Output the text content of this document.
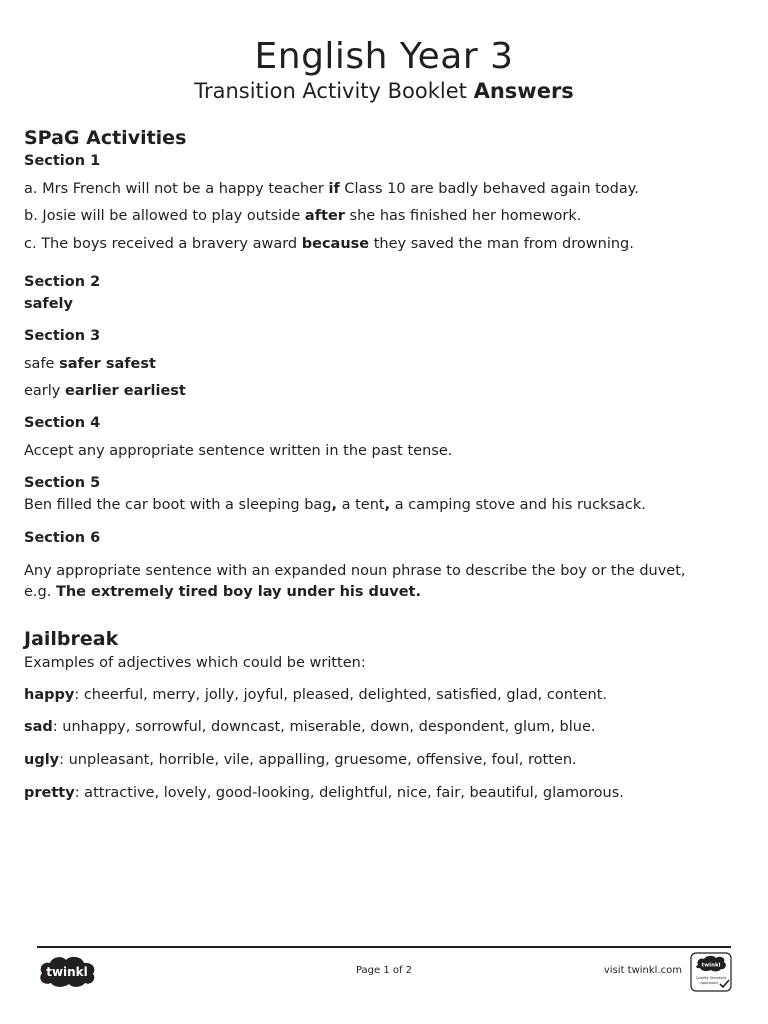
English Year 3
Transition Activity Booklet Answers
SPaG Activities
Section 1

a. Mrs French will not be a happy teacher if Class 10 are badly behaved again today.

b. Josie will be allowed to play outside after she has finished her homework.

c. The boys received a bravery award because they saved the man from drowning.

Section 2
safely
Section 3

safe safer safest

early earlier earliest

Section 4

Accept any appropriate sentence written in the past tense.

Section 5

Ben filled the car boot with a sleeping bag, a tent, a camping stove and his rucksack.

Section 6

Any appropriate sentence with an expanded noun phrase to describe the boy or the duvet,

e.g. The extremely tired boy lay under his duvet.

Jailbreak

Examples of adjectives which could be written:

happy: cheerful, merry, jolly, joyful, pleased, delighted, satisfied, glad, content.

sad: unhappy, sorrowful, downcast, miserable, down, despondent, glum, blue.

ugly: unpleasant, horrible, vile, appalling, gruesome, offensive, foul, rotten.

pretty: attractive, lovely, good-looking, delightful, nice, fair, beautiful, glamorous.

twinkl	Page 1 of 2	visit twinkl.com	twinkl
Quality Standard
Approved
